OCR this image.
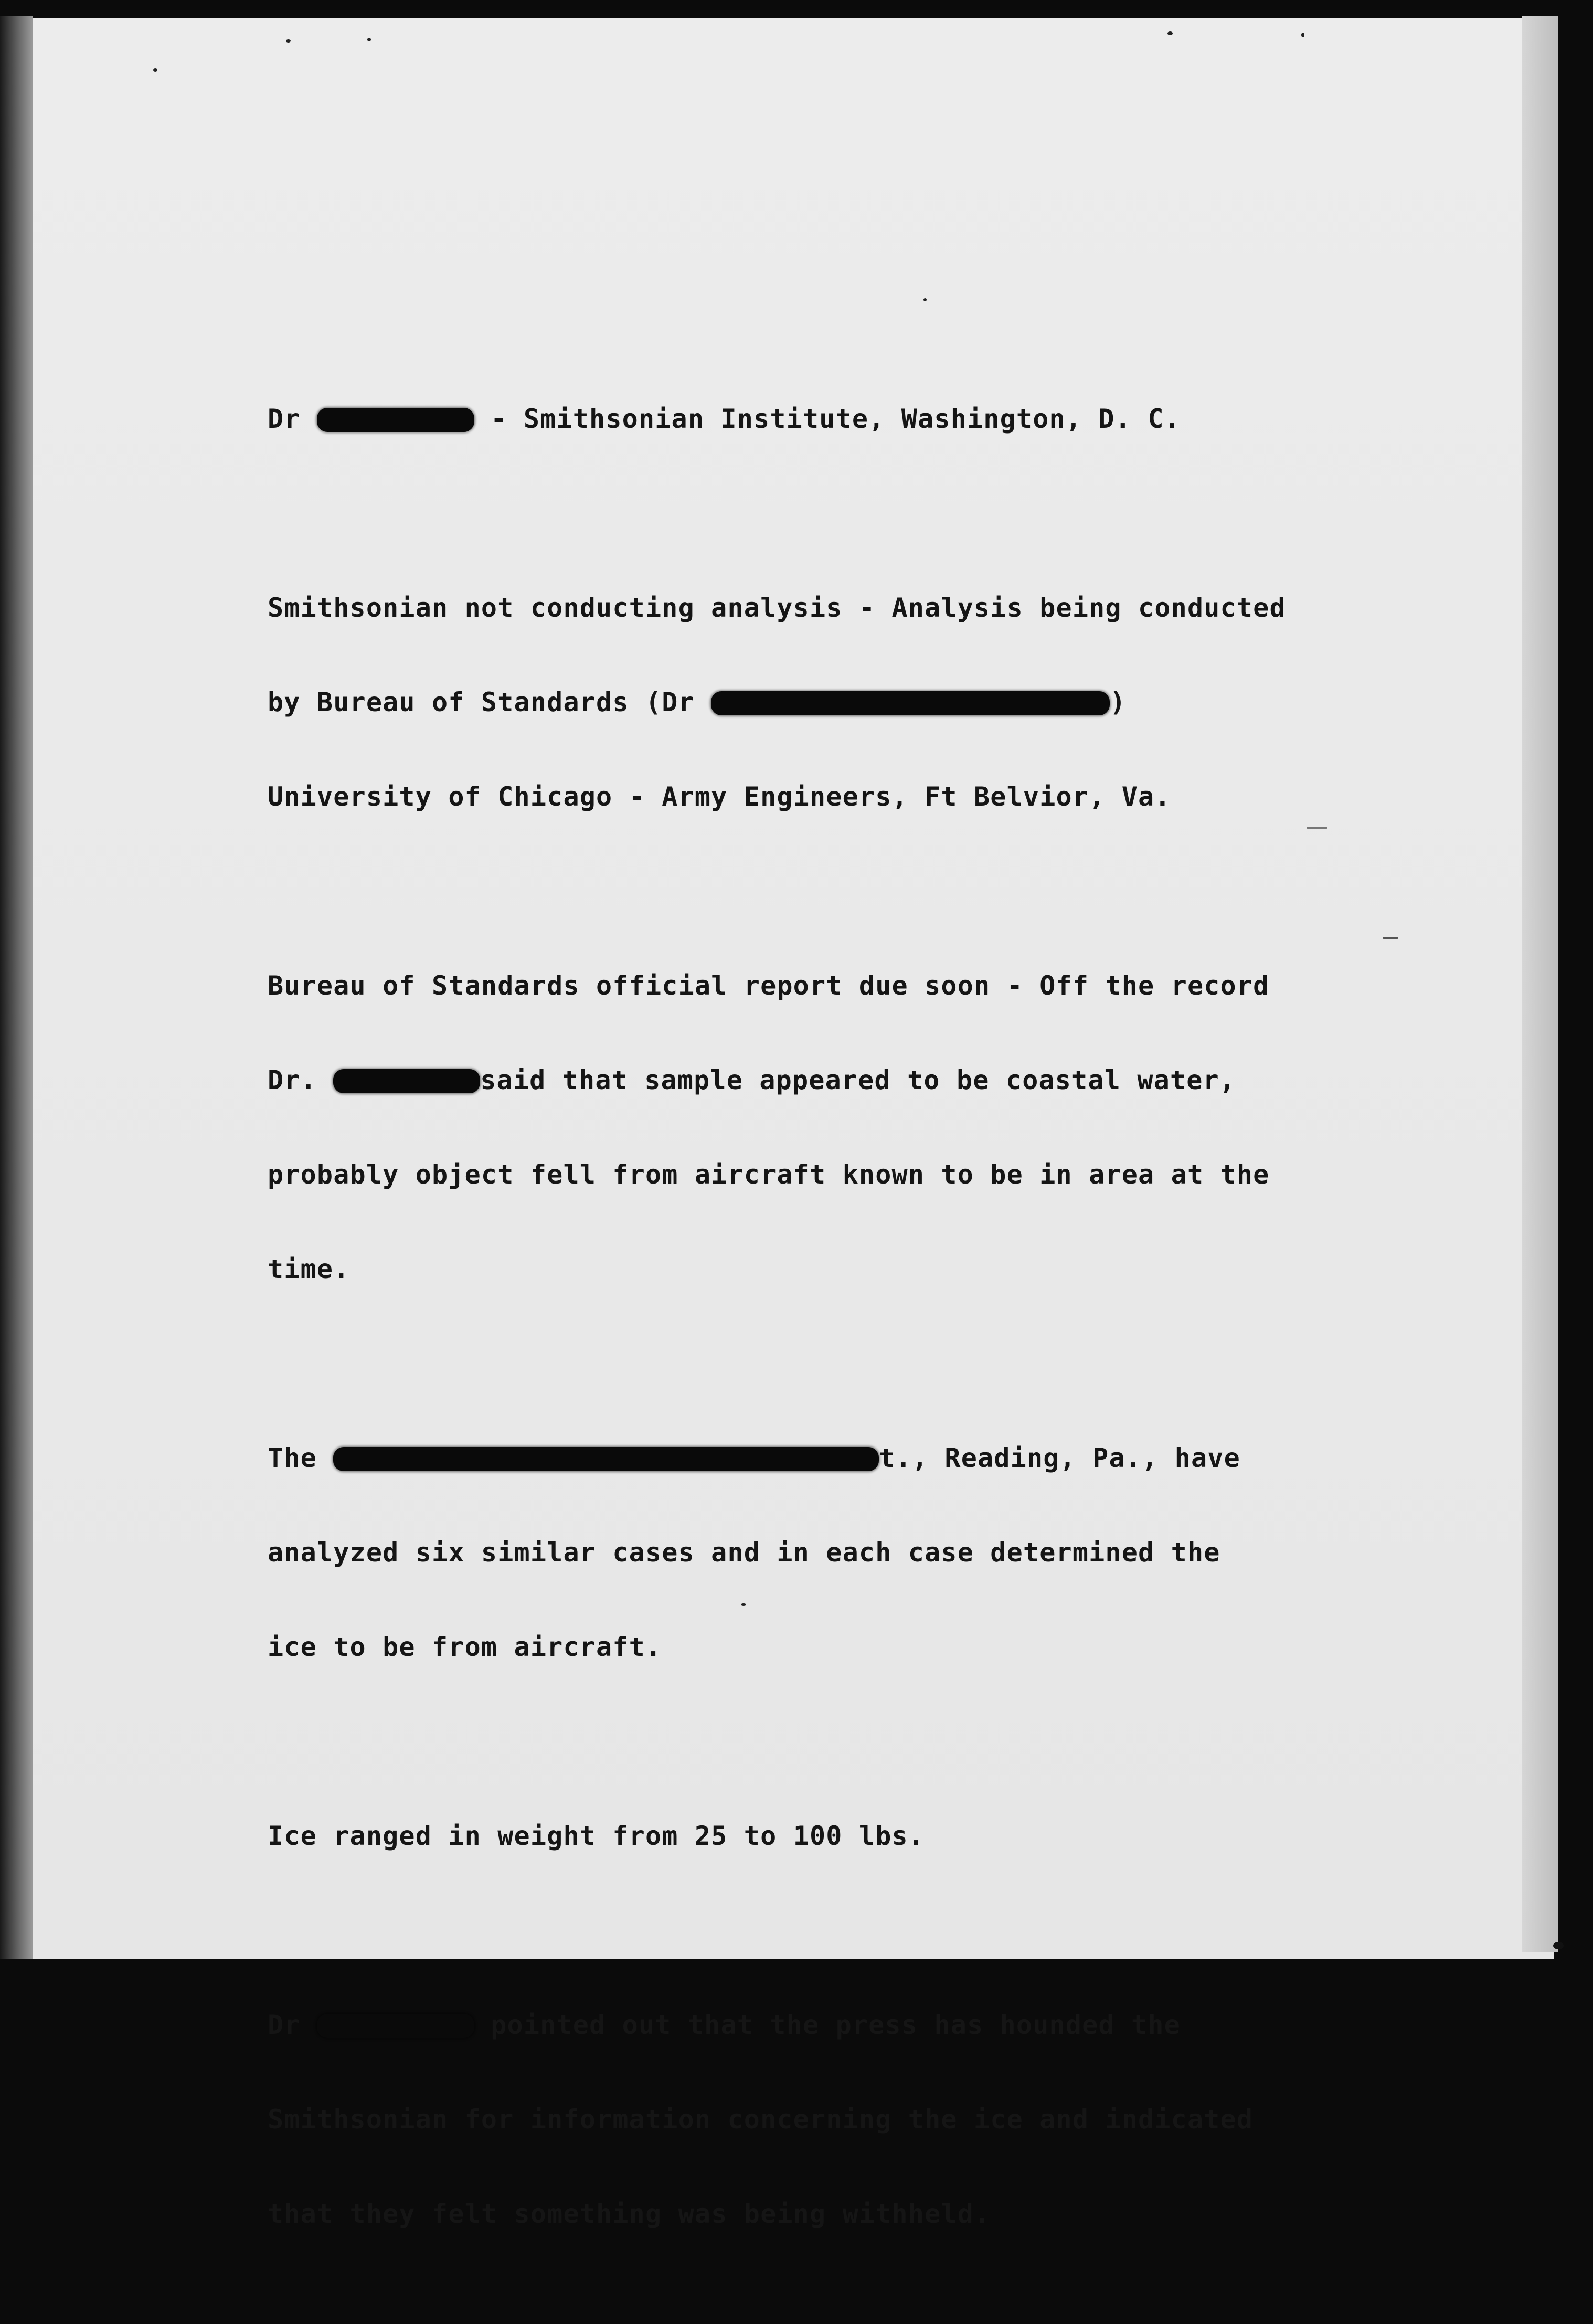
Dr	- Smithsonian Institute, Washington, D. C.

Smithsonian not conducting analysis - Analysis being conducted

by Bureau of Standards (Dr	)

University of Chicago - Army Engineers, Ft Belvior, Va.

Bureau of Standards official report due soon - Off the record

Dr.	said that sample appeared to be coastal water,

probably object fell from aircraft known to be in area at the

time.

The	t., Reading, Pa., have

analyzed six similar cases and in each case determined the

ice to be from aircraft.

Ice ranged in weight from 25 to 100 lbs.

Dr	pointed out that the press has hounded the

Smithsonian for information concerning the ice and indicated

that they felt something was being withheld.
